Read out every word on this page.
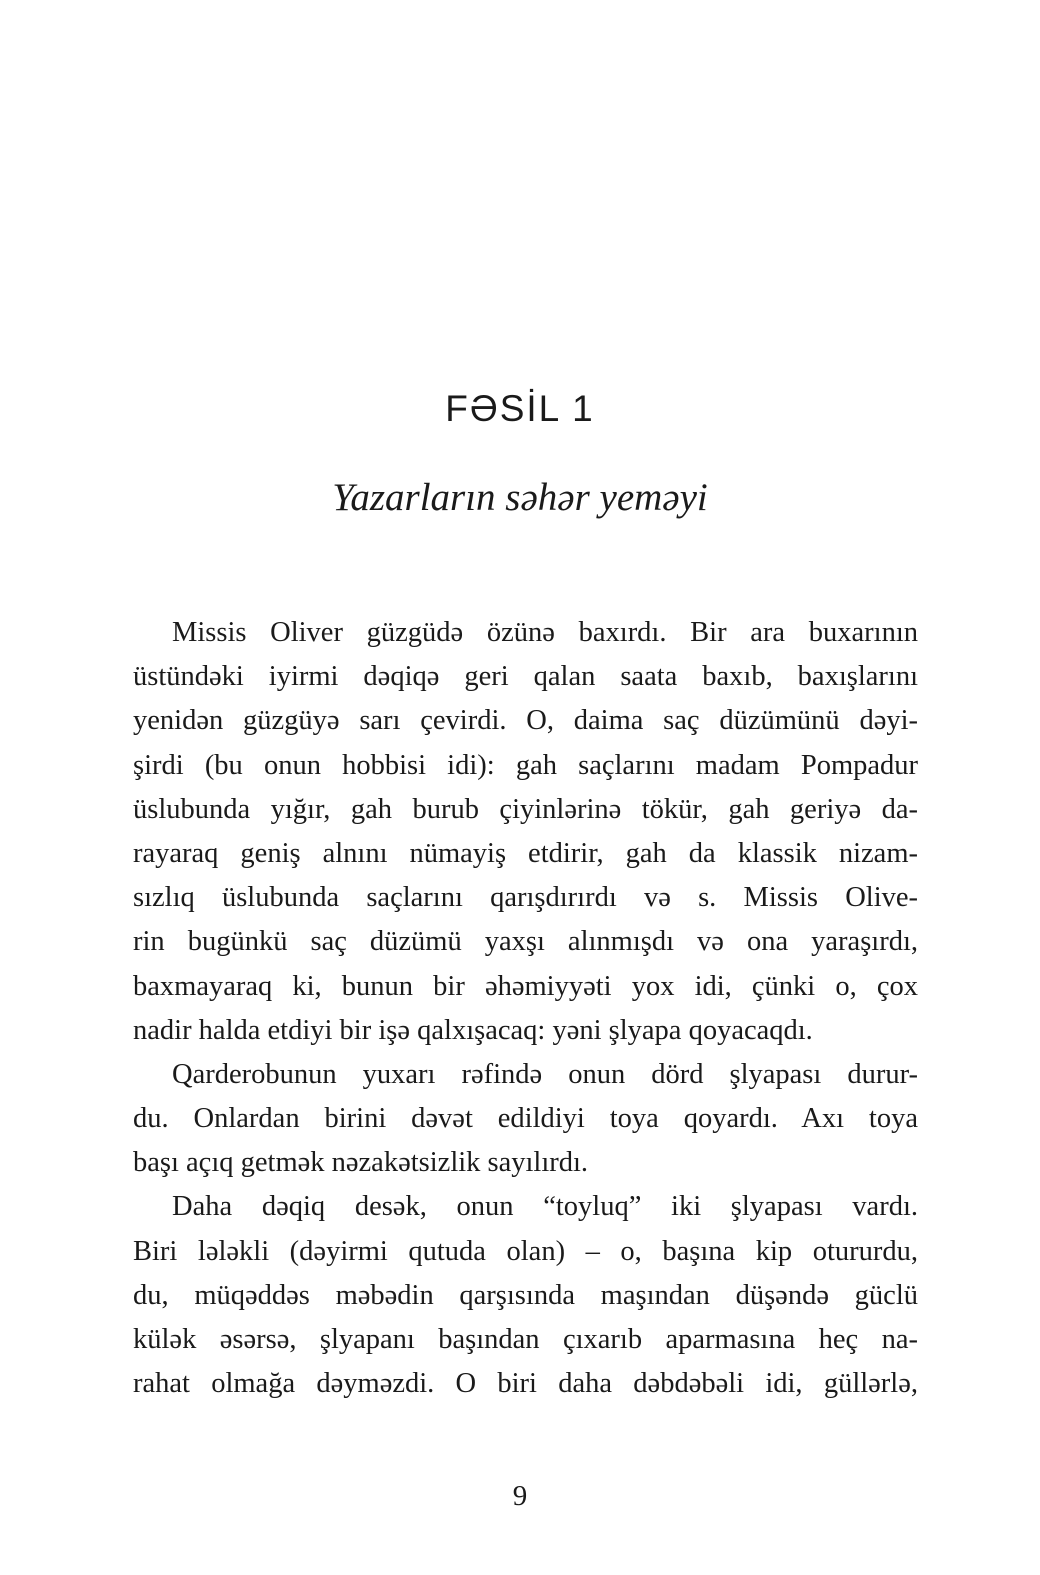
FƏSİL 1
Yazarların səhər yeməyi
Missis Oliver güzgüdə özünə baxırdı. Bir ara buxarının
üstündəki iyirmi dəqiqə geri qalan saata baxıb, baxışlarını
yenidən güzgüyə sarı çevirdi. O, daima saç düzümünü dəyi-
şirdi (bu onun hobbisi idi): gah saçlarını madam Pompadur
üslubunda yığır, gah burub çiyinlərinə tökür, gah geriyə da-
rayaraq geniş alnını nümayiş etdirir, gah da klassik nizam-
sızlıq üslubunda saçlarını qarışdırırdı və s. Missis Olive-
rin bugünkü saç düzümü yaxşı alınmışdı və ona yaraşırdı,
baxmayaraq ki, bunun bir əhəmiyyəti yox idi, çünki o, çox
nadir halda etdiyi bir işə qalxışacaq: yəni şlyapa qoyacaqdı.
Qarderobunun yuxarı rəfində onun dörd şlyapası durur-
du. Onlardan birini dəvət edildiyi toya qoyardı. Axı toya
başı açıq getmək nəzakətsizlik sayılırdı.
Daha dəqiq desək, onun “toyluq” iki şlyapası vardı.
Biri lələkli (dəyirmi qutuda olan) – o, başına kip otururdu,
du, müqəddəs məbədin qarşısında maşından düşəndə güclü
külək əsərsə, şlyapanı başından çıxarıb aparmasına heç na-
rahat olmağa dəyməzdi. O biri daha dəbdəbəli idi, güllərlə,
9
